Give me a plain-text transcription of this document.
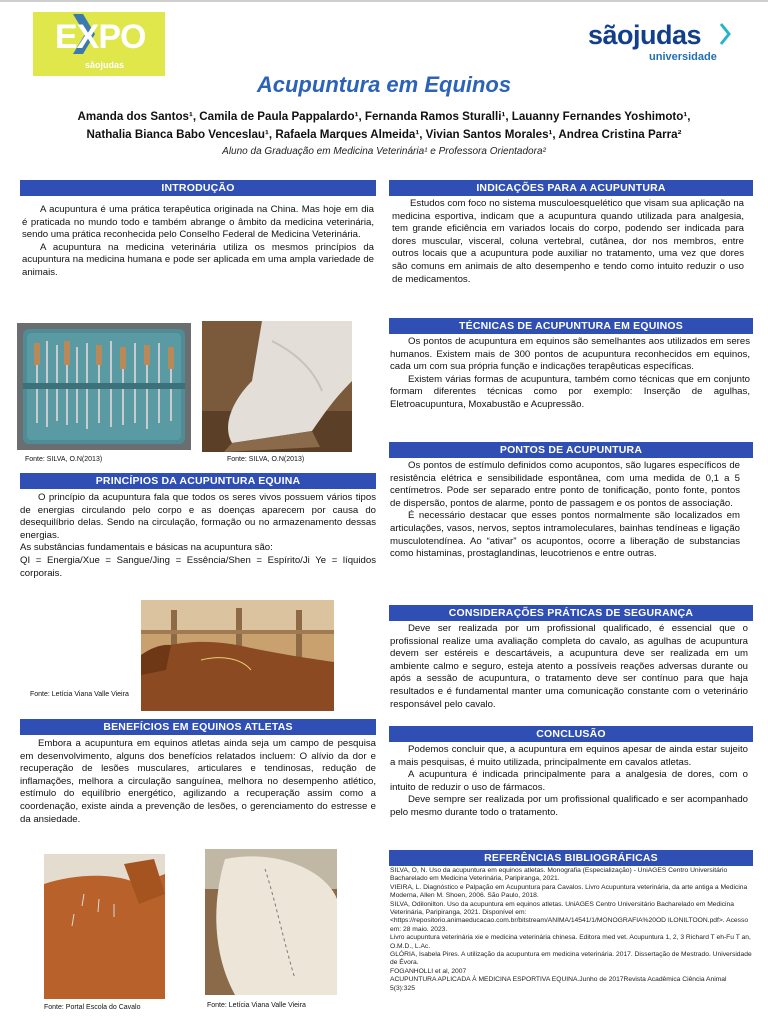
EXPO
sãojudas
sãojudas
universidade
Acupuntura em Equinos
Amanda dos Santos¹, Camila de Paula Pappalardo¹, Fernanda Ramos Sturalli¹, Lauanny Fernandes Yoshimoto¹,
Nathalia Bianca Babo Venceslau¹, Rafaela Marques Almeida¹, Vivian Santos Morales¹, Andrea Cristina Parra²
Aluno da Graduação em Medicina Veterinária¹ e Professora Orientadora²
INTRODUÇÃO

A acupuntura é uma prática terapêutica originada na China. Mas hoje em dia é praticada no mundo todo e também abrange o âmbito da medicina veterinária, sendo uma prática reconhecida pelo Conselho Federal de Medicina Veterinária.

A acupuntura na medicina veterinária utiliza os mesmos princípios da acupuntura na medicina humana e pode ser aplicada em uma ampla variedade de animais.

Fonte: SILVA, O.N(2013)	Fonte: SILVA, O.N(2013)
PRINCÍPIOS DA ACUPUNTURA EQUINA

O princípio da acupuntura fala que todos os seres vivos possuem vários tipos de energias circulando pelo corpo e as doenças aparecem por causa do desequilíbrio delas. Sendo na circulação, formação ou no armazenamento dessas energias.

As substâncias fundamentais e básicas na acupuntura são:

QI = Energia/Xue = Sangue/Jing = Essência/Shen = Espírito/Ji Ye = líquidos corporais.

Fonte: Letícia Viana Valle Vieira
BENEFÍCIOS EM EQUINOS ATLETAS

Embora a acupuntura em equinos atletas ainda seja um campo de pesquisa em desenvolvimento, alguns dos benefícios relatados incluem: O alívio da dor e recuperação de lesões musculares, articulares e tendinosas, redução de inflamações, melhora a circulação sanguínea, melhora no desempenho atlético, estímulo do equilíbrio energético, agilizando a recuperação assim como a coordenação, existe ainda a prevenção de lesões, o gerenciamento do estresse e da ansiedade.

Fonte: Portal Escola do Cavalo	Fonte: Letícia Viana Valle Vieira
INDICAÇÕES PARA A ACUPUNTURA

Estudos com foco no sistema musculoesquelético que visam sua aplicação na medicina esportiva, indicam que a acupuntura quando utilizada para analgesia, tem grande eficiência em variados locais do corpo, podendo ser indicada para dores muscular, visceral, coluna vertebral, cutânea, dor nos membros, entre outros locais que a acupuntura pode auxiliar no tratamento, uma vez que dores são comuns em animais de alto desempenho e tendo como intuito reduzir o uso de medicamentos.

TÉCNICAS DE ACUPUNTURA EM EQUINOS

Os pontos de acupuntura em equinos são semelhantes aos utilizados em seres humanos. Existem mais de 300 pontos de acupuntura reconhecidos em equinos, cada um com sua própria função e indicações terapêuticas específicas.

Existem várias formas de acupuntura, também como técnicas que em conjunto formam diferentes técnicas como por exemplo: Inserção de agulhas, Eletroacupuntura, Moxabustão e Acupressão.

PONTOS DE ACUPUNTURA

Os pontos de estímulo definidos como acupontos, são lugares específicos de resistência elétrica e sensibilidade espontânea, com uma medida de 0,1 a 5 centímetros. Pode ser separado entre ponto de tonificação, ponto fonte, pontos de dispersão, pontos de alarme, ponto de passagem e os pontos de associação.

É necessário destacar que esses pontos normalmente são localizados em articulações, vasos, nervos, septos intramoleculares, bainhas tendíneas e ligação musculotendínea. Ao “ativar” os acupontos, ocorre a liberação de substancias como histaminas, prostaglandinas, leucotrienos e entre outras.

CONSIDERAÇÕES PRÁTICAS DE SEGURANÇA

Deve ser realizada por um profissional qualificado, é essencial que o profissional realize uma avaliação completa do cavalo, as agulhas de acupuntura devem ser estéreis e descartáveis, a acupuntura deve ser realizada em um ambiente calmo e seguro, esteja atento a possíveis reações adversas durante ou após a sessão de acupuntura, o tratamento deve ser contínuo para que haja resultados e é fundamental manter uma comunicação constante com o veterinário responsável pelo cavalo.

CONCLUSÃO

Podemos concluir que, a acupuntura em equinos apesar de ainda estar sujeito a mais pesquisas, é muito utilizada, principalmente em cavalos atletas.

A acupuntura é indicada principalmente para a analgesia de dores, com o intuito de reduzir o uso de fármacos.

Deve sempre ser realizada por um profissional qualificado e ser acompanhado pelo mesmo durante todo o tratamento.

REFERÊNCIAS BIBLIOGRÁFICAS
SILVA, O, N. Uso da acupuntura em equinos atletas. Monografia (Especialização) - UniAGES Centro Universitário Bacharelado em Medicina Veterinária, Paripiranga, 2021.
VIEIRA, L. Diagnóstico e Palpação em Acupuntura para Cavalos. Livro Acupuntura veterinária, da arte antiga a Medicina Moderna, Allen M. Shoen, 2006. São Paulo, 2018.
SILVA, Odilonilton. Uso da acupuntura em equinos atletas. UniAGES Centro Universitário Bacharelado em Medicina Veterinária, Paripiranga, 2021. Disponível em: <https://repositorio.animaeducacao.com.br/bitstream/ANIMA/14541/1/MONOGRAFIA%20OD ILONILTOON.pdf>. Acesso em: 28 maio. 2023.
Livro acupuntura veterinária xie e medicina veterinária chinesa. Editora med vet. Acupuntura 1, 2, 3 Richard T eh-Fu T an, O.M.D., L.Ac.
GLÓRIA, Isabela Pires. A utilização da acupuntura em medicina veterinária. 2017. Dissertação de Mestrado. Universidade de Évora.
FOGANHOLLI et al, 2007
ACUPUNTURA APLICADA À MEDICINA ESPORTIVA EQUINA.Junho de 2017Revista Acadêmica Ciência Animal 5(3):325
